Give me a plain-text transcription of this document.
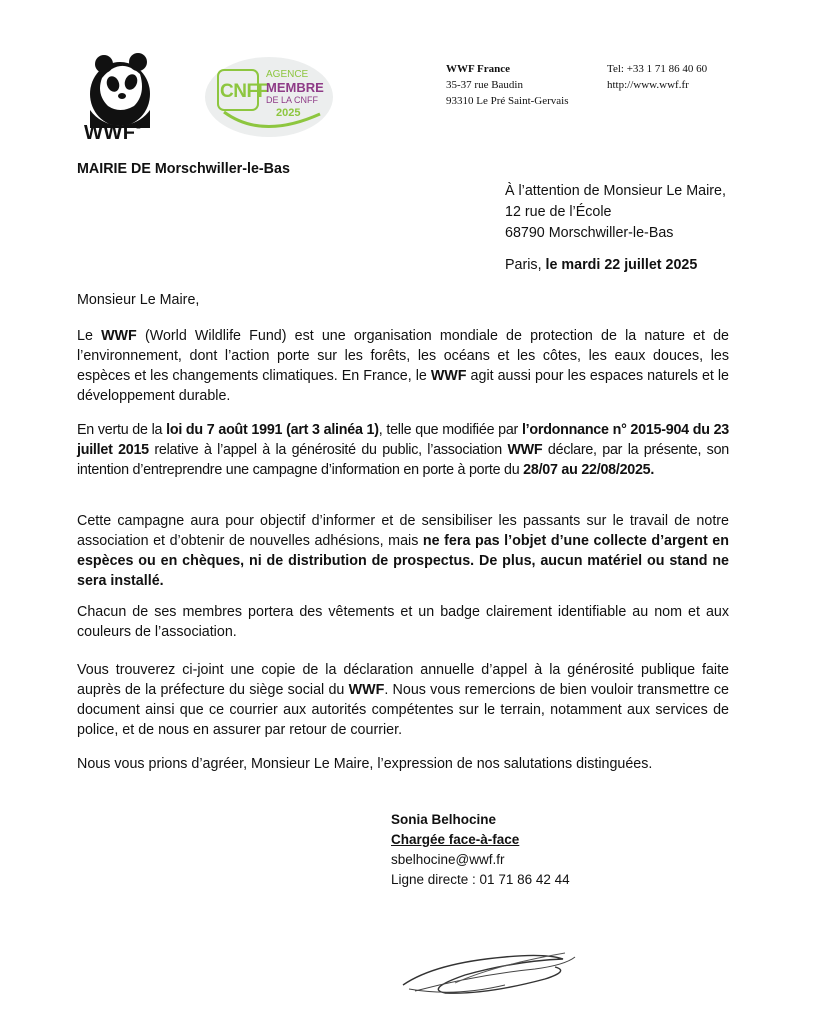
WWF®
CNFF
AGENCE
MEMBRE
DE LA CNFF
2025
WWF France
35-37 rue Baudin
93310 Le Pré Saint-Gervais
Tel: +33 1 71 86 40 60
http://www.wwf.fr
MAIRIE DE Morschwiller-le-Bas
À l’attention de Monsieur Le Maire,
12 rue de l’École
68790 Morschwiller-le-Bas
Paris, le mardi 22 juillet 2025
Monsieur Le Maire,
Le WWF (World Wildlife Fund) est une organisation mondiale de protection de la nature et de l’environnement, dont l’action porte sur les forêts, les océans et les côtes, les eaux douces, les espèces et les changements climatiques. En France, le WWF agit aussi pour les espaces naturels et le développement durable.
En vertu de la loi du 7 août 1991 (art 3 alinéa 1), telle que modifiée par l’ordonnance n° 2015-904 du 23 juillet 2015 relative à l’appel à la générosité du public, l’association WWF déclare, par la présente, son intention d’entreprendre une campagne d’information en porte à porte du 28/07 au 22/08/2025.
Cette campagne aura pour objectif d’informer et de sensibiliser les passants sur le travail de notre association et d’obtenir de nouvelles adhésions, mais ne fera pas l’objet d’une collecte d’argent en espèces ou en chèques, ni de distribution de prospectus. De plus, aucun matériel ou stand ne sera installé.
Chacun de ses membres portera des vêtements et un badge clairement identifiable au nom et aux couleurs de l’association.
Vous trouverez ci-joint une copie de la déclaration annuelle d’appel à la générosité publique faite auprès de la préfecture du siège social du WWF. Nous vous remercions de bien vouloir transmettre ce document ainsi que ce courrier aux autorités compétentes sur le terrain, notamment aux services de police, et de nous en assurer par retour de courrier.
Nous vous prions d’agréer, Monsieur Le Maire, l’expression de nos salutations distinguées.
Sonia Belhocine
Chargée face-à-face
sbelhocine@wwf.fr
Ligne directe : 01 71 86 42 44
